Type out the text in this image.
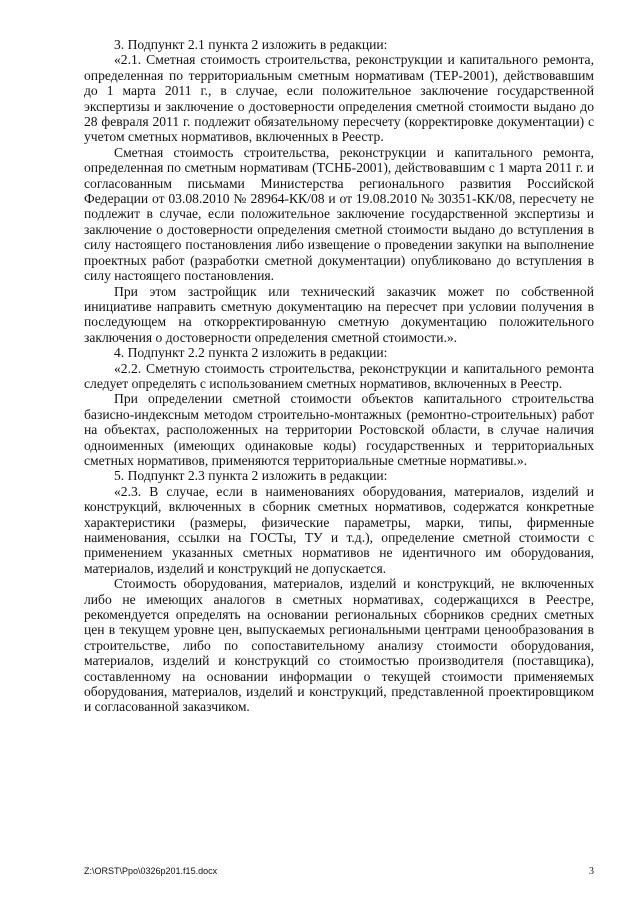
3. Подпункт 2.1 пункта 2 изложить в редакции:

«2.1. Сметная стоимость строительства, реконструкции и капитального ремонта, определенная по территориальным сметным нормативам (ТЕР-2001), действовавшим до 1 марта 2011 г., в случае, если положительное заключение государственной экспертизы и заключение о достоверности определения сметной стоимости выдано до 28 февраля 2011 г. подлежит обязательному пересчету (корректировке документации) с учетом сметных нормативов, включенных в Реестр.

Сметная стоимость строительства, реконструкции и капитального ремонта, определенная по сметным нормативам (ТСНБ-2001), действовавшим с 1 марта 2011 г. и согласованным письмами Министерства регионального развития Российской Федерации от 03.08.2010 № 28964-КК/08 и от 19.08.2010 № 30351-КК/08, пересчету не подлежит в случае, если положительное заключение государственной экспертизы и заключение о достоверности определения сметной стоимости выдано до вступления в силу настоящего постановления либо извещение о проведении закупки на выполнение проектных работ (разработки сметной документации) опубликовано до вступления в силу настоящего постановления.

При этом застройщик или технический заказчик может по собственной инициативе направить сметную документацию на пересчет при условии получения в последующем на откорректированную сметную документацию положительного заключения о достоверности определения сметной стоимости.».

4. Подпункт 2.2 пункта 2 изложить в редакции:

«2.2. Сметную стоимость строительства, реконструкции и капитального ремонта следует определять с использованием сметных нормативов, включенных в Реестр.

При определении сметной стоимости объектов капитального строительства базисно-индексным методом строительно-монтажных (ремонтно-строительных) работ на объектах, расположенных на территории Ростовской области, в случае наличия одноименных (имеющих одинаковые коды) государственных и территориальных сметных нормативов, применяются территориальные сметные нормативы.».

5. Подпункт 2.3 пункта 2 изложить в редакции:

«2.3. В случае, если в наименованиях оборудования, материалов, изделий и конструкций, включенных в сборник сметных нормативов, содержатся конкретные характеристики (размеры, физические параметры, марки, типы, фирменные наименования, ссылки на ГОСТы, ТУ и т.д.), определение сметной стоимости с применением указанных сметных нормативов не идентичного им оборудования, материалов, изделий и конструкций не допускается.

Стоимость оборудования, материалов, изделий и конструкций, не включенных либо не имеющих аналогов в сметных нормативах, содержащихся в Реестре, рекомендуется определять на основании региональных сборников средних сметных цен в текущем уровне цен, выпускаемых региональными центрами ценообразования в строительстве, либо по сопоставительному анализу стоимости оборудования, материалов, изделий и конструкций со стоимостью производителя (поставщика), составленному на основании информации о текущей стоимости применяемых оборудования, материалов, изделий и конструкций, представленной проектировщиком и согласованной заказчиком.

Z:\ORST\Ppo\0326p201.f15.docx	3
